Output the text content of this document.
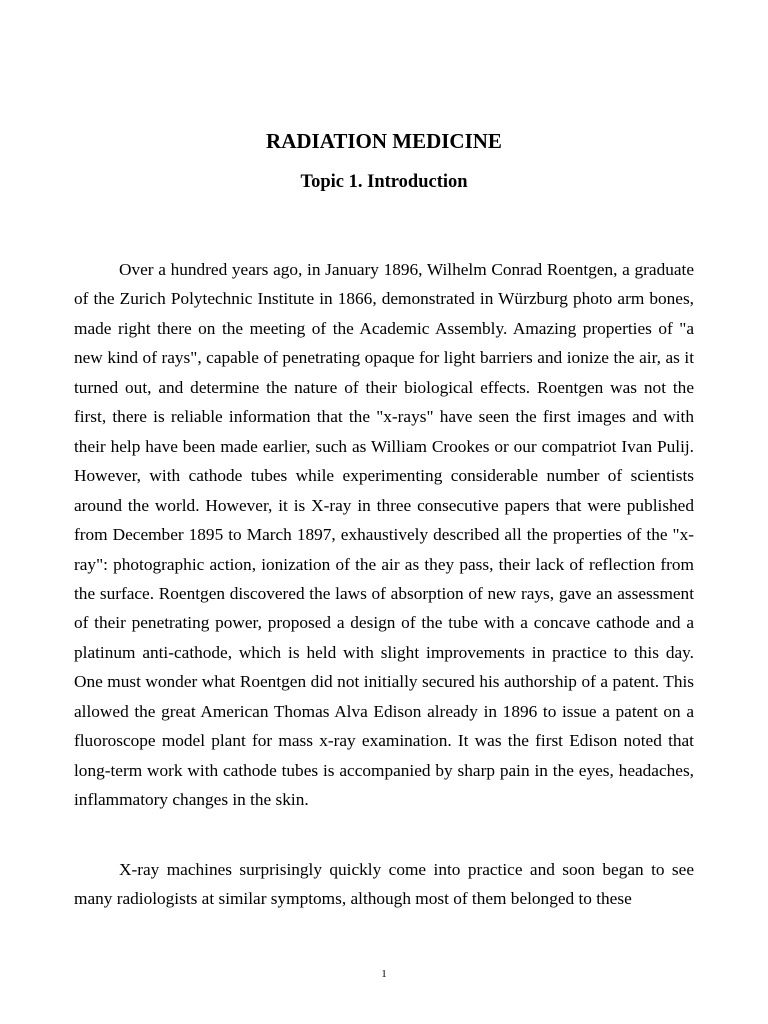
RADIATION MEDICINE
Topic 1. Introduction

Over a hundred years ago, in January 1896, Wilhelm Conrad Roentgen, a graduate of the Zurich Polytechnic Institute in 1866, demonstrated in Würzburg photo arm bones, made right there on the meeting of the Academic Assembly. Amazing properties of "a new kind of rays", capable of penetrating opaque for light barriers and ionize the air, as it turned out, and determine the nature of their biological effects. Roentgen was not the first, there is reliable information that the "x-rays" have seen the first images and with their help have been made earlier, such as William Crookes or our compatriot Ivan Pulij. However, with cathode tubes while experimenting considerable number of scientists around the world. However, it is X-ray in three consecutive papers that were published from December 1895 to March 1897, exhaustively described all the properties of the "x-ray": photographic action, ionization of the air as they pass, their lack of reflection from the surface. Roentgen discovered the laws of absorption of new rays, gave an assessment of their penetrating power, proposed a design of the tube with a concave cathode and a platinum anti-cathode, which is held with slight improvements in practice to this day. One must wonder what Roentgen did not initially secured his authorship of a patent. This allowed the great American Thomas Alva Edison already in 1896 to issue a patent on a fluoroscope model plant for mass x-ray examination. It was the first Edison noted that long-term work with cathode tubes is accompanied by sharp pain in the eyes, headaches, inflammatory changes in the skin.

X-ray machines surprisingly quickly come into practice and soon began to see many radiologists at similar symptoms, although most of them belonged to these

1
